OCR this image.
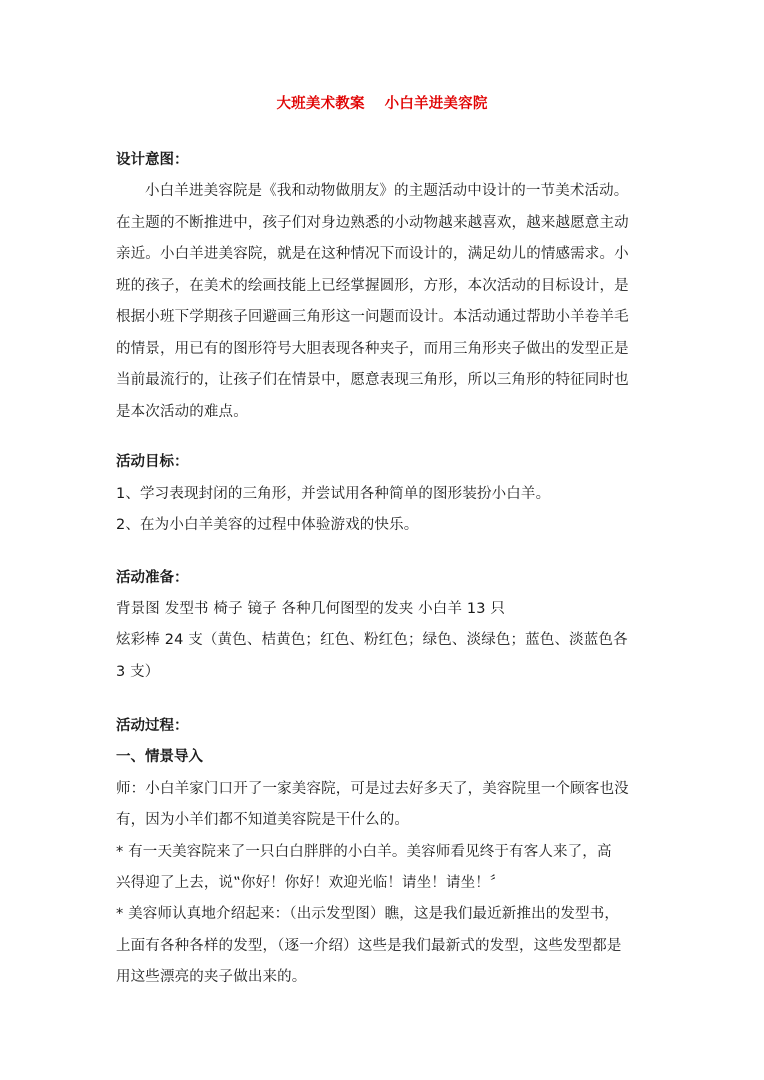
大班美术教案　 小白羊进美容院
设计意图：
小白羊进美容院是《我和动物做朋友》的主题活动中设计的一节美术活动。
在主题的不断推进中，孩子们对身边熟悉的小动物越来越喜欢，越来越愿意主动
亲近。小白羊进美容院，就是在这种情况下而设计的，满足幼儿的情感需求。小
班的孩子，在美术的绘画技能上已经掌握圆形，方形，本次活动的目标设计，是
根据小班下学期孩子回避画三角形这一问题而设计。本活动通过帮助小羊卷羊毛
的情景，用已有的图形符号大胆表现各种夹子，而用三角形夹子做出的发型正是
当前最流行的，让孩子们在情景中，愿意表现三角形，所以三角形的特征同时也
是本次活动的难点。
活动目标：
1、学习表现封闭的三角形，并尝试用各种简单的图形装扮小白羊。
2、在为小白羊美容的过程中体验游戏的快乐。
活动准备：
背景图 发型书 椅子 镜子 各种几何图型的发夹 小白羊 13 只
炫彩棒 24 支（黄色、桔黄色；红色、粉红色；绿色、淡绿色；蓝色、淡蓝色各
3 支）
活动过程：
一、情景导入
师：小白羊家门口开了一家美容院，可是过去好多天了，美容院里一个顾客也没
有，因为小羊们都不知道美容院是干什么的。
* 有一天美容院来了一只白白胖胖的小白羊。美容师看见终于有客人来了，高
兴得迎了上去，说‟你好！你好！欢迎光临！请坐！请坐！〞
* 美容师认真地介绍起来：（出示发型图）瞧，这是我们最近新推出的发型书，
上面有各种各样的发型，（逐一介绍）这些是我们最新式的发型，这些发型都是
用这些漂亮的夹子做出来的。
